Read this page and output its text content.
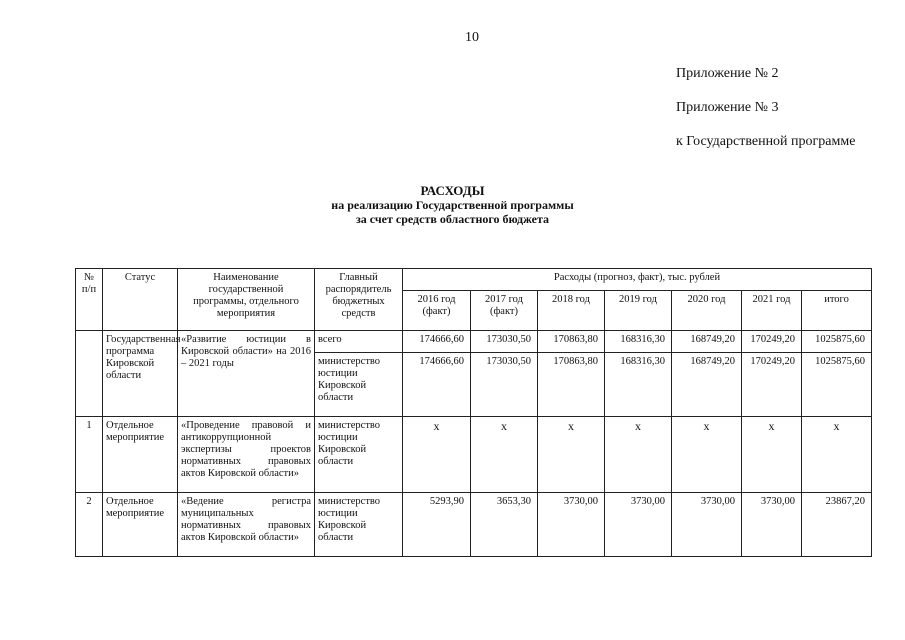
10
Приложение № 2
Приложение № 3
к Государственной программе
РАСХОДЫ
на реализацию Государственной программы
за счет средств областного бюджета
№ п/п	Статус	Наименование государственной программы, отдельного мероприятия	Главный распорядитель бюджетных средств	Расходы (прогноз, факт), тыс. рублей						
				2016 год (факт)	2017 год (факт)	2018 год	2019 год	2020 год	2021 год	итого
	Государственная программа Кировской области	«Развитие юстиции в Кировской области» на 2016 – 2021 годы	всего	174666,60	173030,50	170863,80	168316,30	168749,20	170249,20	1025875,60
			министерство юстиции Кировской области	174666,60	173030,50	170863,80	168316,30	168749,20	170249,20	1025875,60
1	Отдельное мероприятие	«Проведение правовой и антикоррупционной экспертизы проектов нормативных правовых актов Кировской области»	министерство юстиции Кировской области	x	x	x	x	x	x	x
2	Отдельное мероприятие	«Ведение регистра муниципальных нормативных правовых актов Кировской области»	министерство юстиции Кировской области	5293,90	3653,30	3730,00	3730,00	3730,00	3730,00	23867,20
